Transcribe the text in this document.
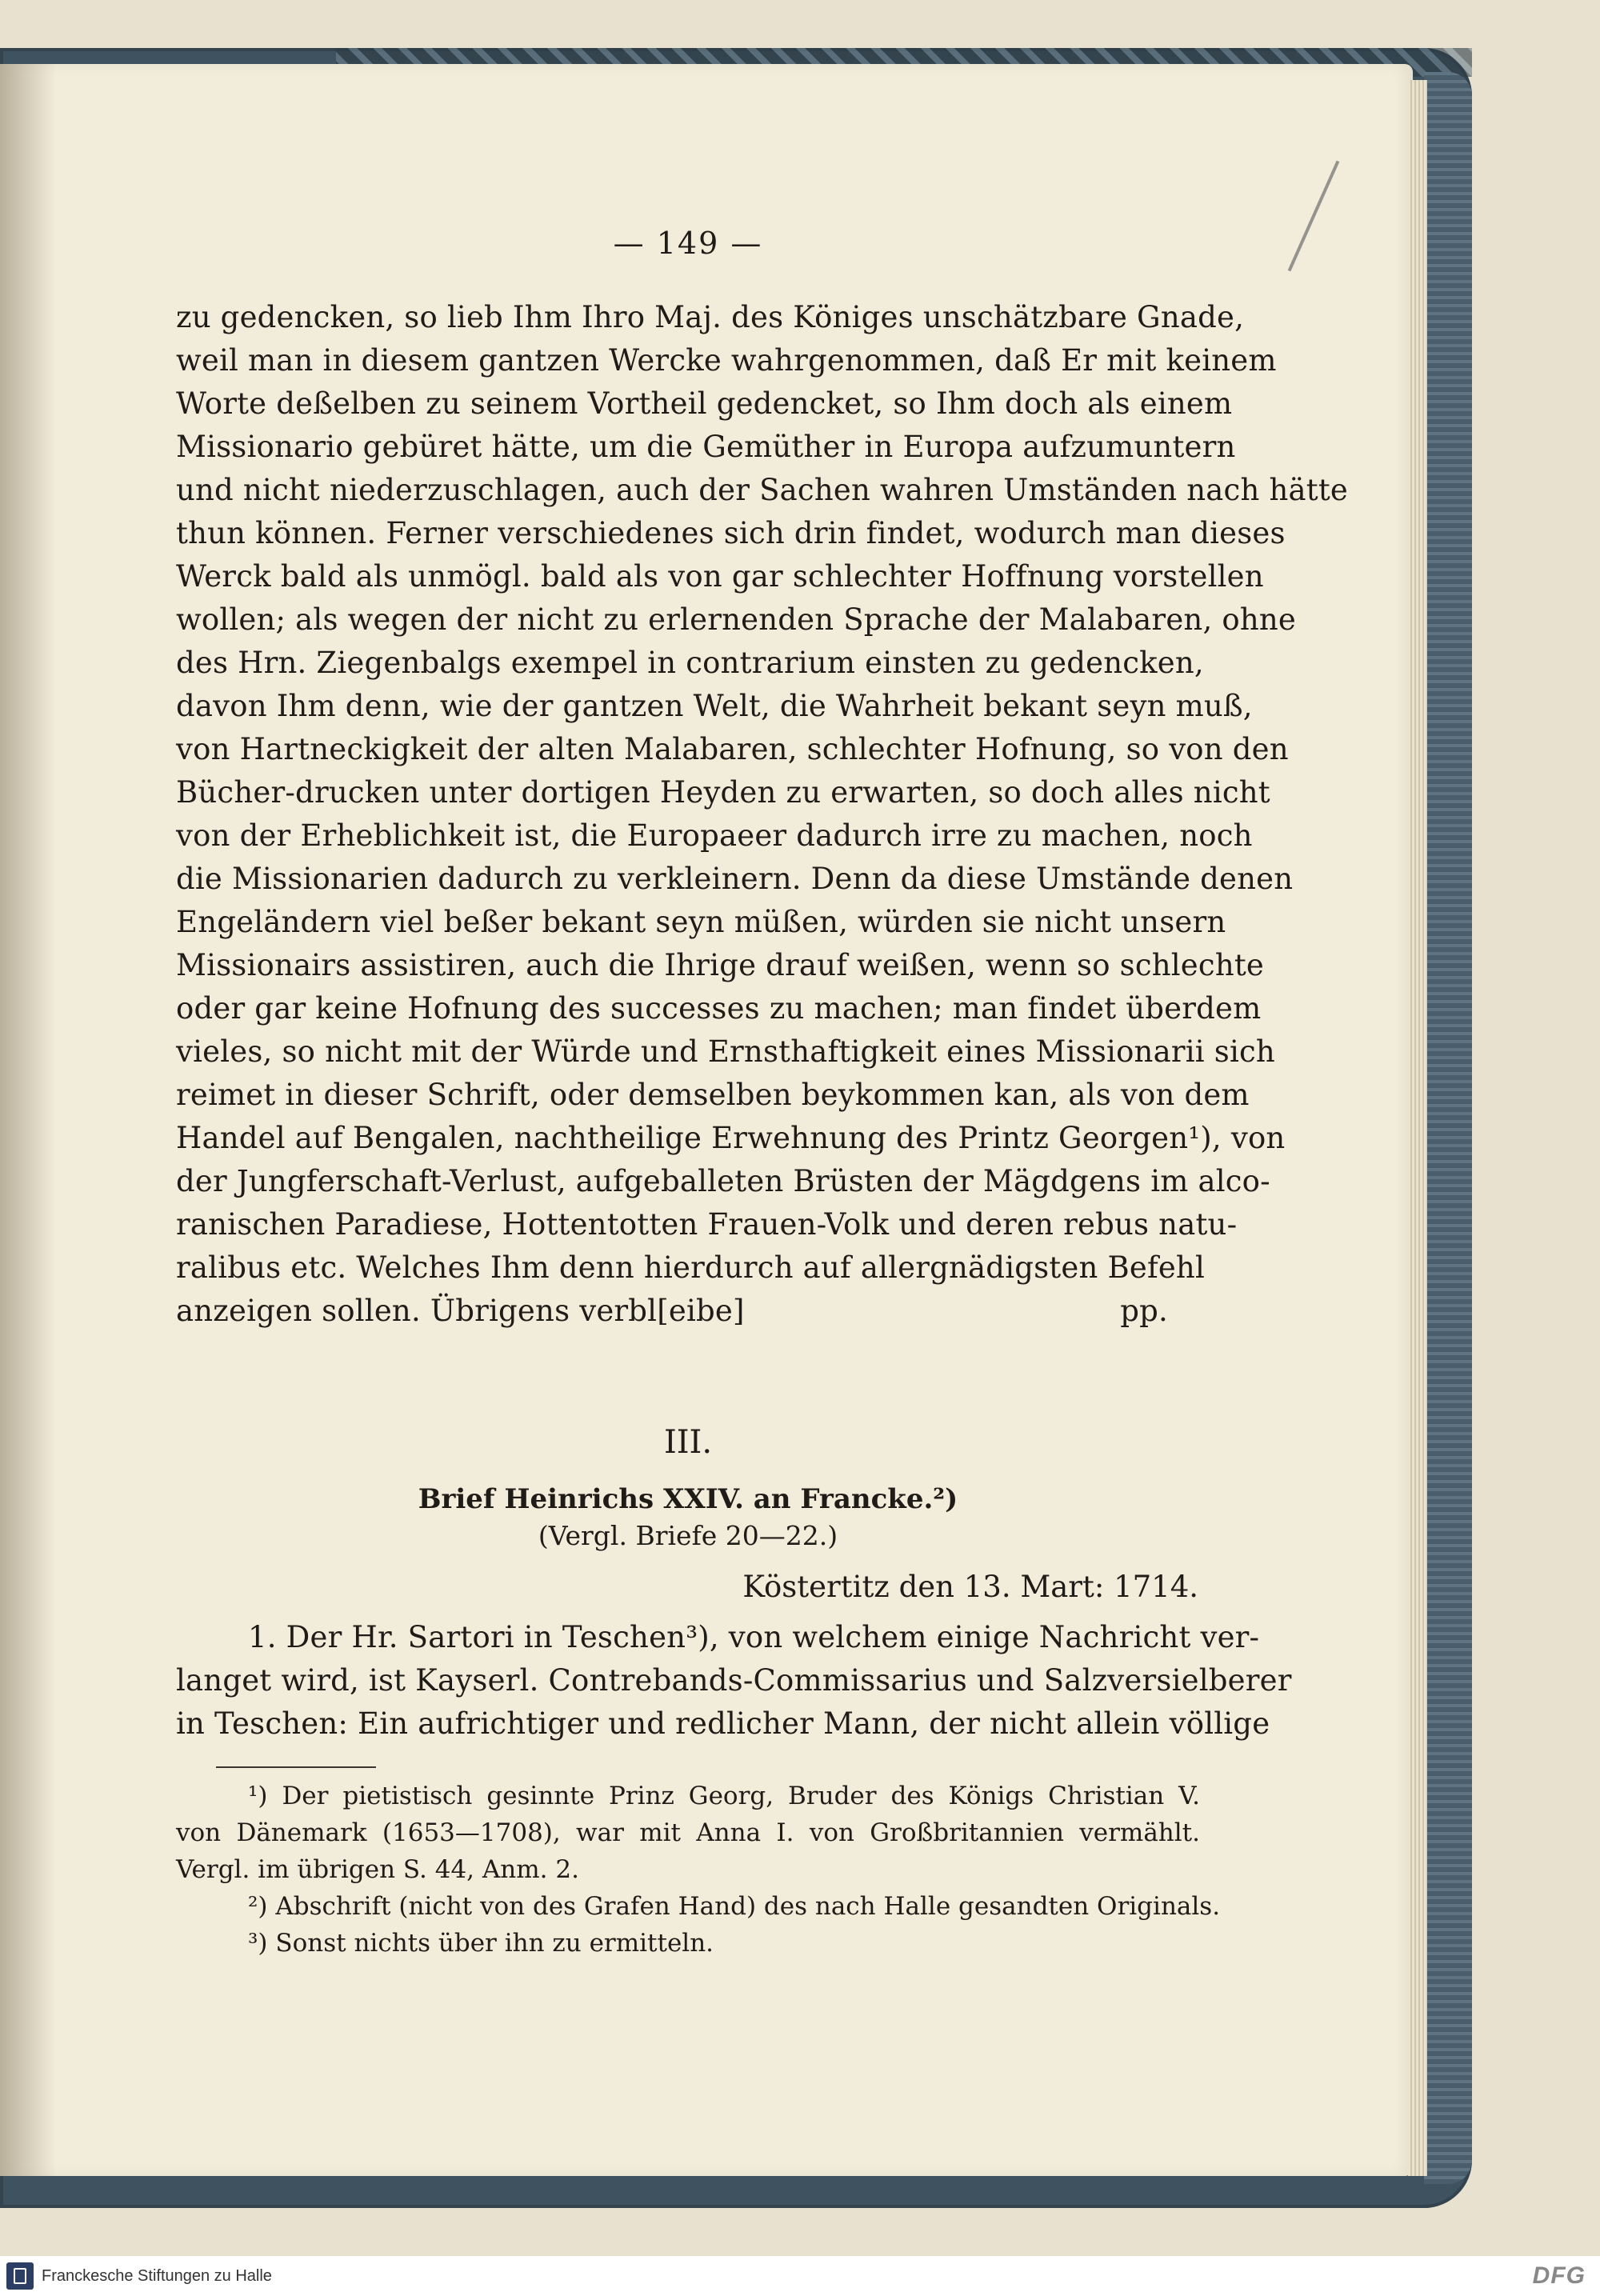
— 149 —
zu gedencken, so lieb Ihm Ihro Maj. des Königes unschätzbare Gnade,
weil man in diesem gantzen Wercke wahrgenommen, daß Er mit keinem
Worte deßelben zu seinem Vortheil gedencket, so Ihm doch als einem
Missionario gebüret hätte, um die Gemüther in Europa aufzumuntern
und nicht niederzuschlagen, auch der Sachen wahren Umständen nach hätte
thun können. Ferner verschiedenes sich drin findet, wodurch man dieses
Werck bald als unmögl. bald als von gar schlechter Hoffnung vorstellen
wollen; als wegen der nicht zu erlernenden Sprache der Malabaren, ohne
des Hrn. Ziegenbalgs exempel in contrarium einsten zu gedencken,
davon Ihm denn, wie der gantzen Welt, die Wahrheit bekant seyn muß,
von Hartneckigkeit der alten Malabaren, schlechter Hofnung, so von den
Bücher-drucken unter dortigen Heyden zu erwarten, so doch alles nicht
von der Erheblichkeit ist, die Europaeer dadurch irre zu machen, noch
die Missionarien dadurch zu verkleinern. Denn da diese Umstände denen
Engeländern viel beßer bekant seyn müßen, würden sie nicht unsern
Missionairs assistiren, auch die Ihrige drauf weißen, wenn so schlechte
oder gar keine Hofnung des successes zu machen; man findet überdem
vieles, so nicht mit der Würde und Ernsthaftigkeit eines Missionarii sich
reimet in dieser Schrift, oder demselben beykommen kan, als von dem
Handel auf Bengalen, nachtheilige Erwehnung des Printz Georgen¹), von
der Jungferschaft-Verlust, aufgeballeten Brüsten der Mägdgens im alco-
ranischen Paradiese, Hottentotten Frauen-Volk und deren rebus natu-
ralibus etc. Welches Ihm denn hierdurch auf allergnädigsten Befehl
anzeigen sollen. Übrigens verbl[eibe]	pp.
III.
Brief Heinrichs XXIV. an Francke.²)
(Vergl. Briefe 20—22.)
Köstertitz den 13. Mart: 1714.
1. Der Hr. Sartori in Teschen³), von welchem einige Nachricht ver-
langet wird, ist Kayserl. Contrebands-Commissarius und Salzversielberer
in Teschen: Ein aufrichtiger und redlicher Mann, der nicht allein völlige
¹) Der pietistisch gesinnte Prinz Georg, Bruder des Königs Christian V.
von Dänemark (1653—1708), war mit Anna I. von Großbritannien vermählt.
Vergl. im übrigen S. 44, Anm. 2.
²) Abschrift (nicht von des Grafen Hand) des nach Halle gesandten Originals.
³) Sonst nichts über ihn zu ermitteln.
Franckesche Stiftungen zu Halle	DFG
